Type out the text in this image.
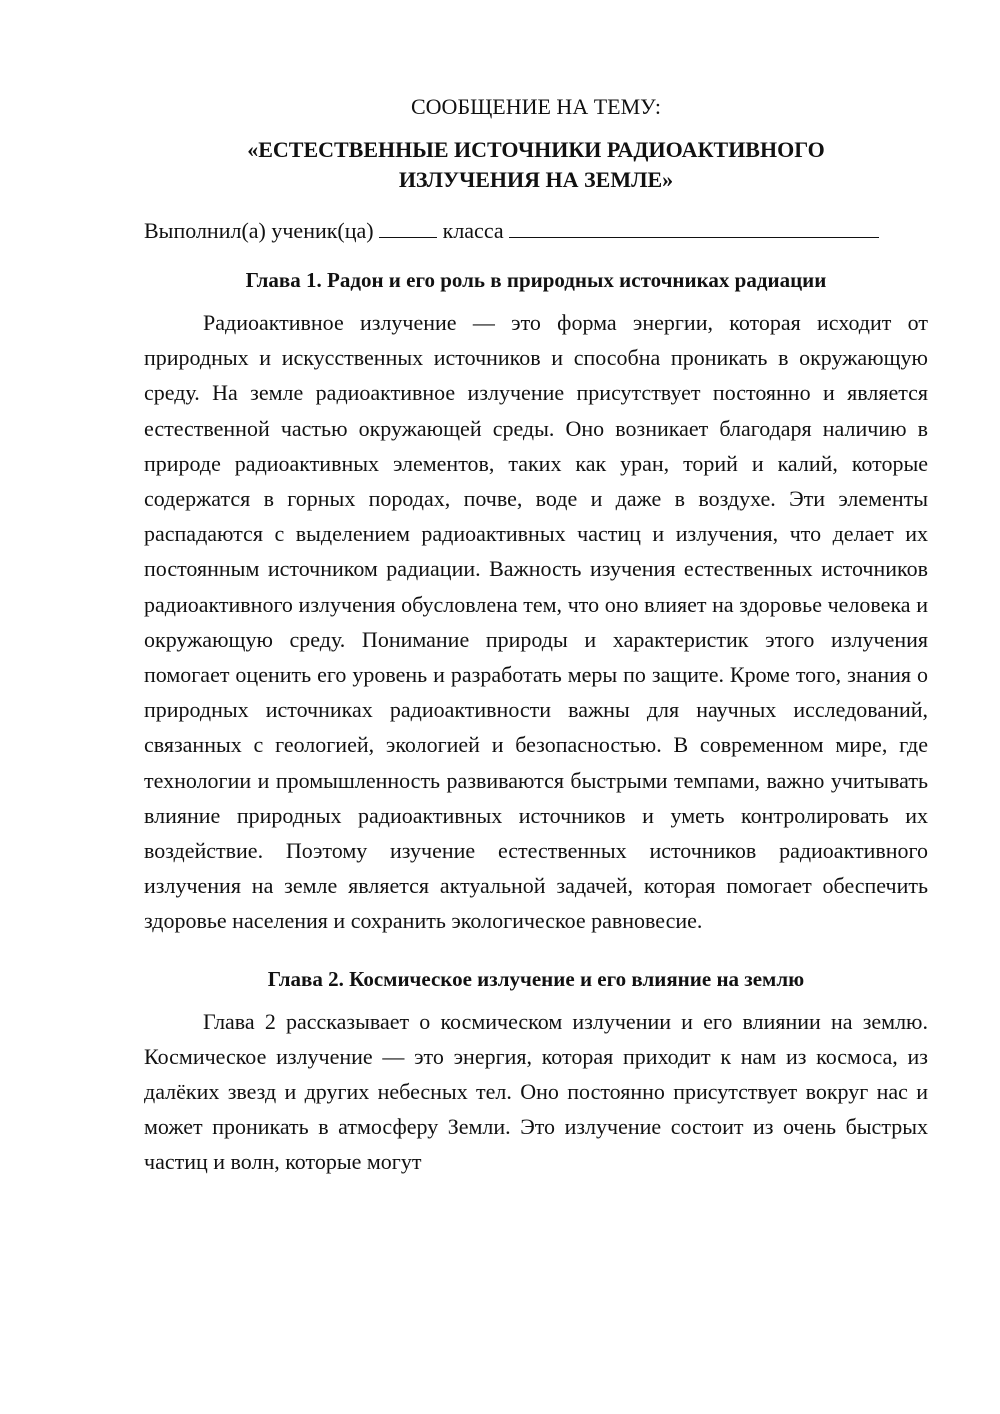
СООБЩЕНИЕ НА ТЕМУ:

«ЕСТЕСТВЕННЫЕ ИСТОЧНИКИ РАДИОАКТИВНОГО

ИЗЛУЧЕНИЯ НА ЗЕМЛЕ»

Выполнил(а) ученик(ца)	класса

Глава 1. Радон и его роль в природных источниках радиации

Радиоактивное излучение — это форма энергии, которая исходит от природных и искусственных источников и способна проникать в окружающую среду. На земле радиоактивное излучение присутствует постоянно и является естественной частью окружающей среды. Оно возникает благодаря наличию в природе радиоактивных элементов, таких как уран, торий и калий, которые содержатся в горных породах, почве, воде и даже в воздухе. Эти элементы распадаются с выделением радиоактивных частиц и излучения, что делает их постоянным источником радиации. Важность изучения естественных источников радиоактивного излучения обусловлена тем, что оно влияет на здоровье человека и окружающую среду. Понимание природы и характеристик этого излучения помогает оценить его уровень и разработать меры по защите. Кроме того, знания о природных источниках радиоактивности важны для научных исследований, связанных с геологией, экологией и безопасностью. В современном мире, где технологии и промышленность развиваются быстрыми темпами, важно учитывать влияние природных радиоактивных источников и уметь контролировать их воздействие. Поэтому изучение естественных источников радиоактивного излучения на земле является актуальной задачей, которая помогает обеспечить здоровье населения и сохранить экологическое равновесие.

Глава 2. Космическое излучение и его влияние на землю

Глава 2 рассказывает о космическом излучении и его влиянии на землю. Космическое излучение — это энергия, которая приходит к нам из космоса, из далёких звезд и других небесных тел. Оно постоянно присутствует вокруг нас и может проникать в атмосферу Земли. Это излучение состоит из очень быстрых частиц и волн, которые могут
